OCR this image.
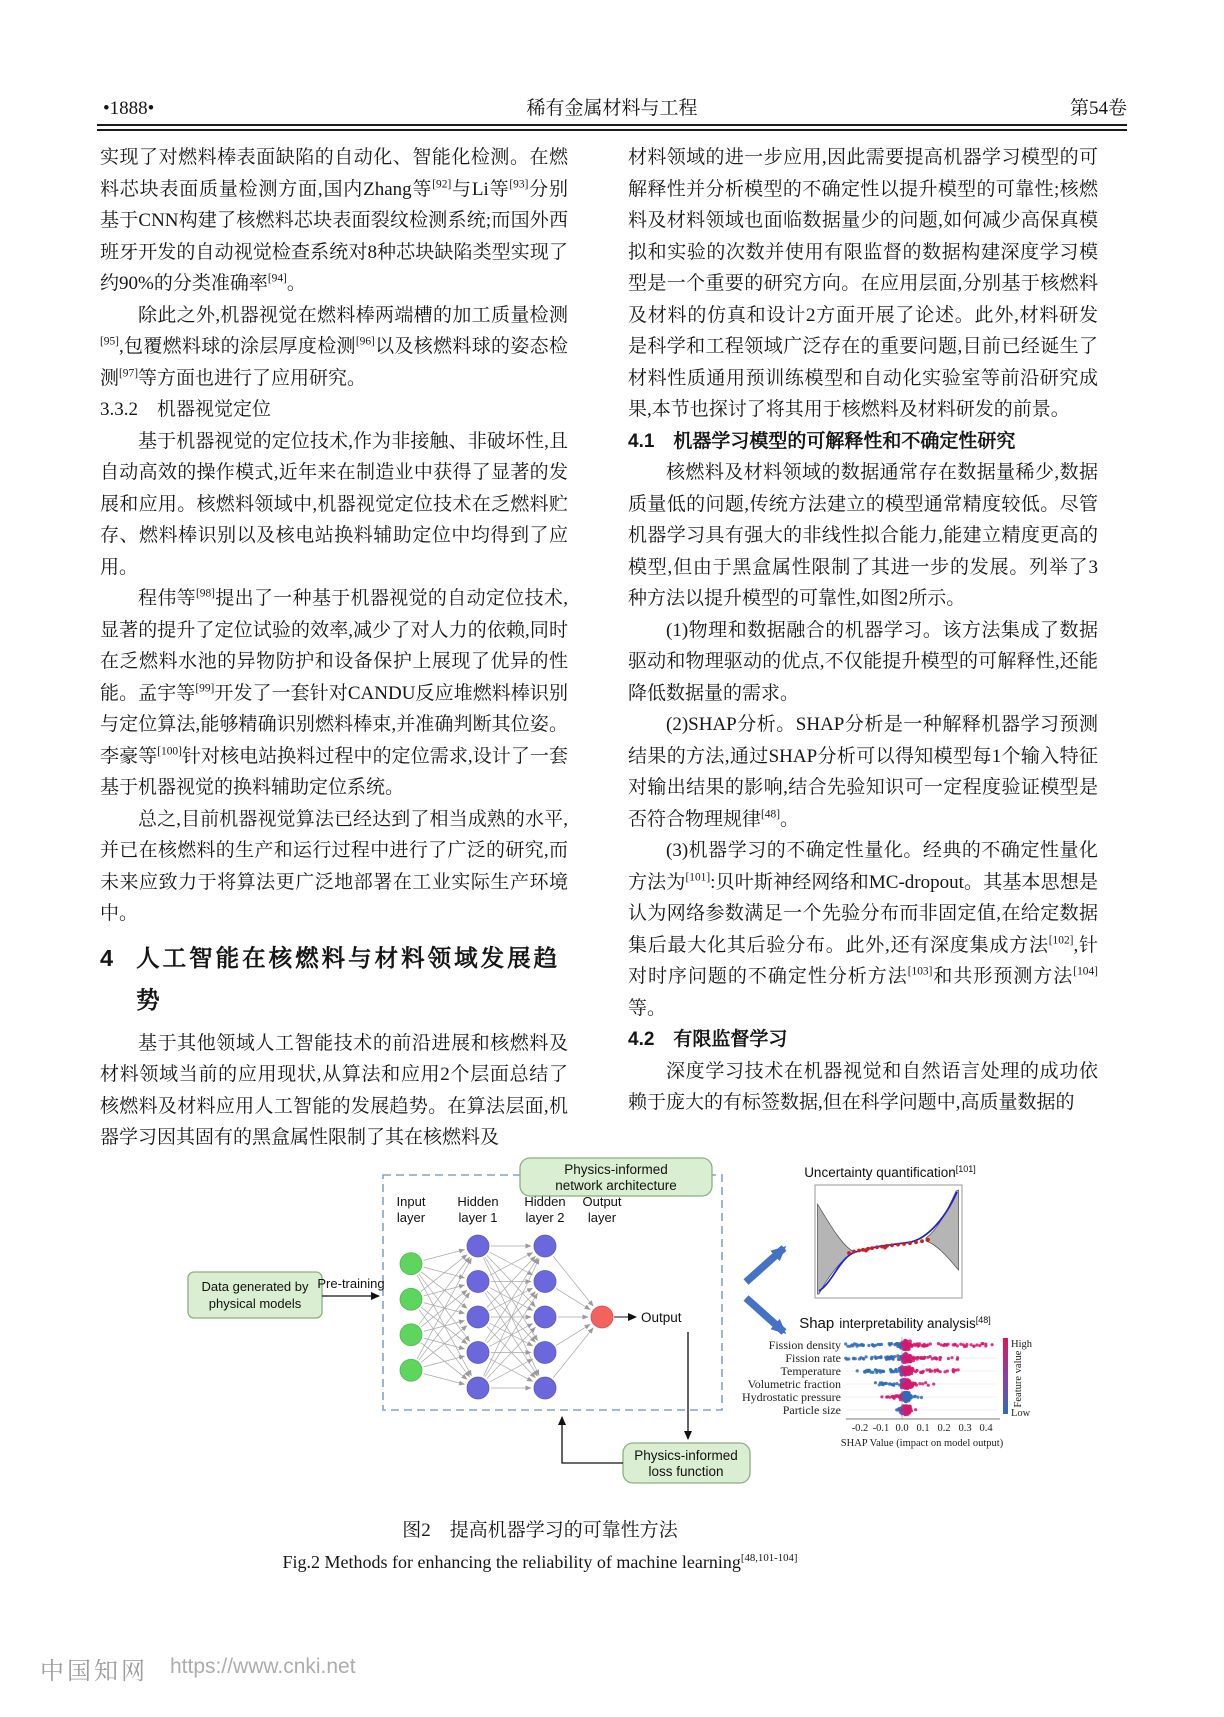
•1888•	稀有金属材料与工程	第54卷

实现了对燃料棒表面缺陷的自动化、智能化检测。在燃料芯块表面质量检测方面,国内Zhang等[92]与Li等[93]分别基于CNN构建了核燃料芯块表面裂纹检测系统;而国外西班牙开发的自动视觉检查系统对8种芯块缺陷类型实现了约90%的分类准确率[94]。

除此之外,机器视觉在燃料棒两端槽的加工质量检测[95],包覆燃料球的涂层厚度检测[96]以及核燃料球的姿态检测[97]等方面也进行了应用研究。

3.3.2　机器视觉定位

基于机器视觉的定位技术,作为非接触、非破坏性,且自动高效的操作模式,近年来在制造业中获得了显著的发展和应用。核燃料领域中,机器视觉定位技术在乏燃料贮存、燃料棒识别以及核电站换料辅助定位中均得到了应用。

程伟等[98]提出了一种基于机器视觉的自动定位技术,显著的提升了定位试验的效率,减少了对人力的依赖,同时在乏燃料水池的异物防护和设备保护上展现了优异的性能。孟宇等[99]开发了一套针对CANDU反应堆燃料棒识别与定位算法,能够精确识别燃料棒束,并准确判断其位姿。李豪等[100]针对核电站换料过程中的定位需求,设计了一套基于机器视觉的换料辅助定位系统。

总之,目前机器视觉算法已经达到了相当成熟的水平,并已在核燃料的生产和运行过程中进行了广泛的研究,而未来应致力于将算法更广泛地部署在工业实际生产环境中。

4 人工智能在核燃料与材料领域发展趋势

基于其他领域人工智能技术的前沿进展和核燃料及材料领域当前的应用现状,从算法和应用2个层面总结了核燃料及材料应用人工智能的发展趋势。在算法层面,机器学习因其固有的黑盒属性限制了其在核燃料及

材料领域的进一步应用,因此需要提高机器学习模型的可解释性并分析模型的不确定性以提升模型的可靠性;核燃料及材料领域也面临数据量少的问题,如何减少高保真模拟和实验的次数并使用有限监督的数据构建深度学习模型是一个重要的研究方向。在应用层面,分别基于核燃料及材料的仿真和设计2方面开展了论述。此外,材料研发是科学和工程领域广泛存在的重要问题,目前已经诞生了材料性质通用预训练模型和自动化实验室等前沿研究成果,本节也探讨了将其用于核燃料及材料研发的前景。

4.1　机器学习模型的可解释性和不确定性研究

核燃料及材料领域的数据通常存在数据量稀少,数据质量低的问题,传统方法建立的模型通常精度较低。尽管机器学习具有强大的非线性拟合能力,能建立精度更高的模型,但由于黑盒属性限制了其进一步的发展。列举了3种方法以提升模型的可靠性,如图2所示。

(1)物理和数据融合的机器学习。该方法集成了数据驱动和物理驱动的优点,不仅能提升模型的可解释性,还能降低数据量的需求。

(2)SHAP分析。SHAP分析是一种解释机器学习预测结果的方法,通过SHAP分析可以得知模型每1个输入特征对输出结果的影响,结合先验知识可一定程度验证模型是否符合物理规律[48]。

(3)机器学习的不确定性量化。经典的不确定性量化方法为[101]:贝叶斯神经网络和MC-dropout。其基本思想是认为网络参数满足一个先验分布而非固定值,在给定数据集后最大化其后验分布。此外,还有深度集成方法[102],针对时序问题的不确定性分析方法[103]和共形预测方法[104]等。

4.2　有限监督学习

深度学习技术在机器视觉和自然语言处理的成功依赖于庞大的有标签数据,但在科学问题中,高质量数据的

Physics-informed
network architecture
Data generated by
physical models
Pre-training
Input
layer
Hidden
layer 1
Hidden
layer 2
Output
layer
Output
Physics-informed
loss function
Uncertainty quantification[101]
Shap interpretability analysis[48]
Fission density
Fission rate
Temperature
Volumetric fraction
Hydrostatic pressure
Particle size
-0.2 -0.1 0.0 0.1 0.2 0.3 0.4
SHAP Value (impact on model output)
High
Low
Feature value
图2　提高机器学习的可靠性方法
Fig.2 Methods for enhancing the reliability of machine learning[48,101-104]
中国知网 https://www.cnki.net
